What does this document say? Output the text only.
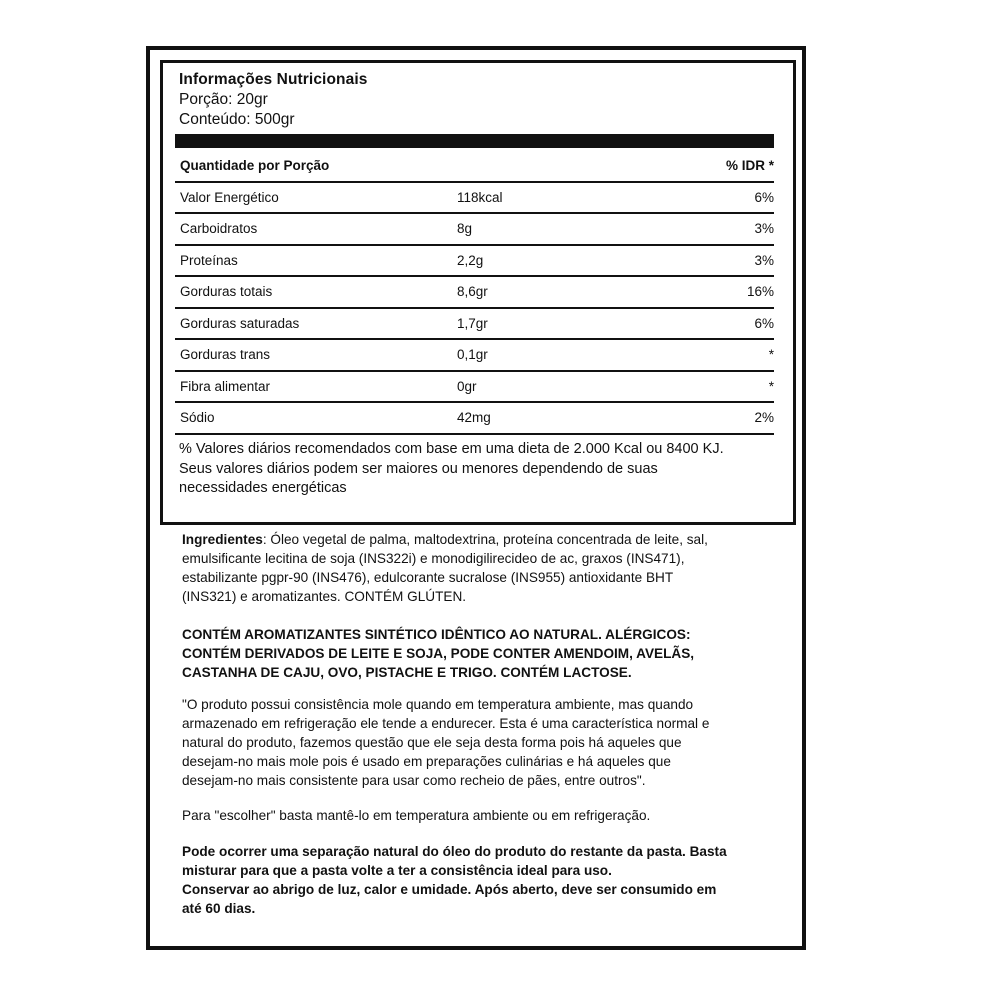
Informações Nutricionais
Porção: 20gr
Conteúdo: 500gr
Quantidade por Porção	% IDR *
Valor Energético	118kcal	6%
Carboidratos	8g	3%
Proteínas	2,2g	3%
Gorduras totais	8,6gr	16%
Gorduras saturadas	1,7gr	6%
Gorduras trans	0,1gr	*
Fibra alimentar	0gr	*
Sódio	42mg	2%
% Valores diários recomendados com base em uma dieta de 2.000 Kcal ou 8400 KJ.
Seus valores diários podem ser maiores ou menores dependendo de suas
necessidades energéticas
Ingredientes: Óleo vegetal de palma, maltodextrina, proteína concentrada de leite, sal,
emulsificante lecitina de soja (INS322i) e monodigilirecideo de ac, graxos (INS471),
estabilizante pgpr-90 (INS476), edulcorante sucralose (INS955) antioxidante BHT
(INS321) e aromatizantes. CONTÉM GLÚTEN.
CONTÉM AROMATIZANTES SINTÉTICO IDÊNTICO AO NATURAL. ALÉRGICOS:
CONTÉM DERIVADOS DE LEITE E SOJA, PODE CONTER AMENDOIM, AVELÃS,
CASTANHA DE CAJU, OVO, PISTACHE E TRIGO. CONTÉM LACTOSE.
"O produto possui consistência mole quando em temperatura ambiente, mas quando
armazenado em refrigeração ele tende a endurecer. Esta é uma característica normal e
natural do produto, fazemos questão que ele seja desta forma pois há aqueles que
desejam-no mais mole pois é usado em preparações culinárias e há aqueles que
desejam-no mais consistente para usar como recheio de pães, entre outros".
Para "escolher" basta mantê-lo em temperatura ambiente ou em refrigeração.
Pode ocorrer uma separação natural do óleo do produto do restante da pasta. Basta
misturar para que a pasta volte a ter a consistência ideal para uso.
Conservar ao abrigo de luz, calor e umidade. Após aberto, deve ser consumido em
até 60 dias.
